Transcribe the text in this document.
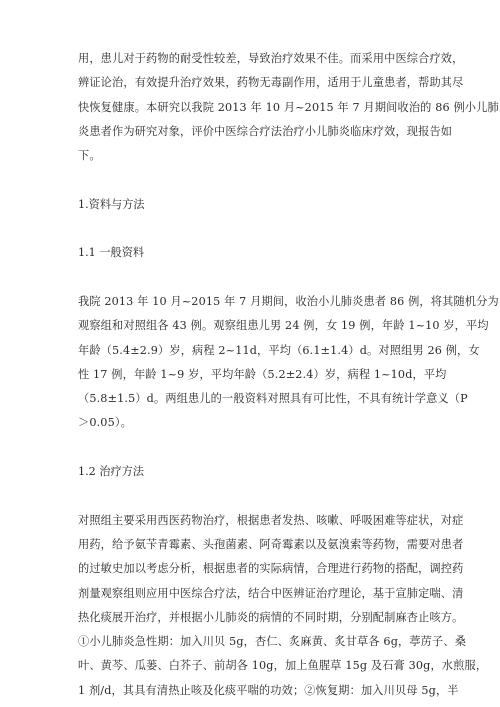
用，患儿对于药物的耐受性较差，导致治疗效果不佳。而采用中医综合疗效，
辨证论治，有效提升治疗效果，药物无毒副作用，适用于儿童患者，帮助其尽
快恢复健康。本研究以我院 2013 年 10 月~2015 年 7 月期间收治的 86 例小儿肺
炎患者作为研究对象，评价中医综合疗法治疗小儿肺炎临床疗效，现报告如
下。
1.资料与方法
1.1 一般资料
我院 2013 年 10 月~2015 年 7 月期间，收治小儿肺炎患者 86 例，将其随机分为
观察组和对照组各 43 例。观察组患儿男 24 例，女 19 例，年龄 1~10 岁，平均
年龄（5.4±2.9）岁，病程 2~11d，平均（6.1±1.4）d。对照组男 26 例，女
性 17 例，年龄 1~9 岁，平均年龄（5.2±2.4）岁，病程 1~10d，平均
（5.8±1.5）d。两组患儿的一般资料对照具有可比性，不具有统计学意义（P
＞0.05）。
1.2 治疗方法
对照组主要采用西医药物治疗，根据患者发热、咳嗽、呼吸困难等症状，对症
用药，给予氨苄青霉素、头孢菌素、阿奇霉素以及氨溴索等药物，需要对患者
的过敏史加以考虑分析，根据患者的实际病情，合理进行药物的搭配，调控药
剂量观察组则应用中医综合疗法，结合中医辨证治疗理论，基于宣肺定喘、清
热化痰展开治疗，并根据小儿肺炎的病情的不同时期，分别配制麻杏止咳方。
①小儿肺炎急性期：加入川贝 5g，杏仁、炙麻黄、炙甘草各 6g，葶苈子、桑
叶、黄芩、瓜蒌、白芥子、前胡各 10g，加上鱼腥草 15g 及石膏 30g，水煎服，
1 剂/d，其具有清热止咳及化痰平喘的功效；②恢复期：加入川贝母 5g，半
